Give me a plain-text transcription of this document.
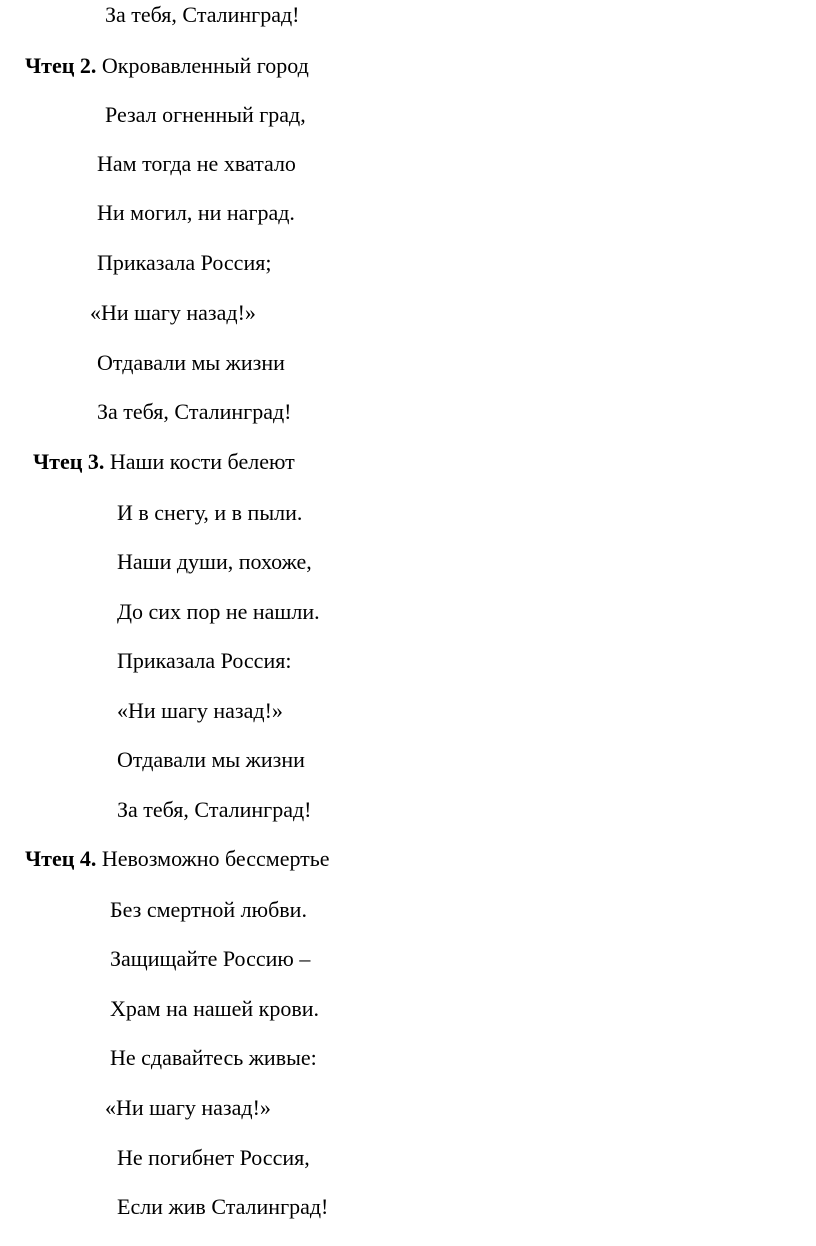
За тебя, Сталинград!
Чтец 2. Окровавленный город
Резал огненный град,
Нам тогда не хватало
Ни могил, ни наград.
Приказала Россия;
«Ни шагу назад!»
Отдавали мы жизни
За тебя, Сталинград!
Чтец 3. Наши кости белеют
И в снегу, и в пыли.
Наши души, похоже,
До сих пор не нашли.
Приказала Россия:
«Ни шагу назад!»
Отдавали мы жизни
За тебя, Сталинград!
Чтец 4. Невозможно бессмертье
Без смертной любви.
Защищайте Россию –
Храм на нашей крови.
Не сдавайтесь живые:
«Ни шагу назад!»
Не погибнет Россия,
Если жив Сталинград!
